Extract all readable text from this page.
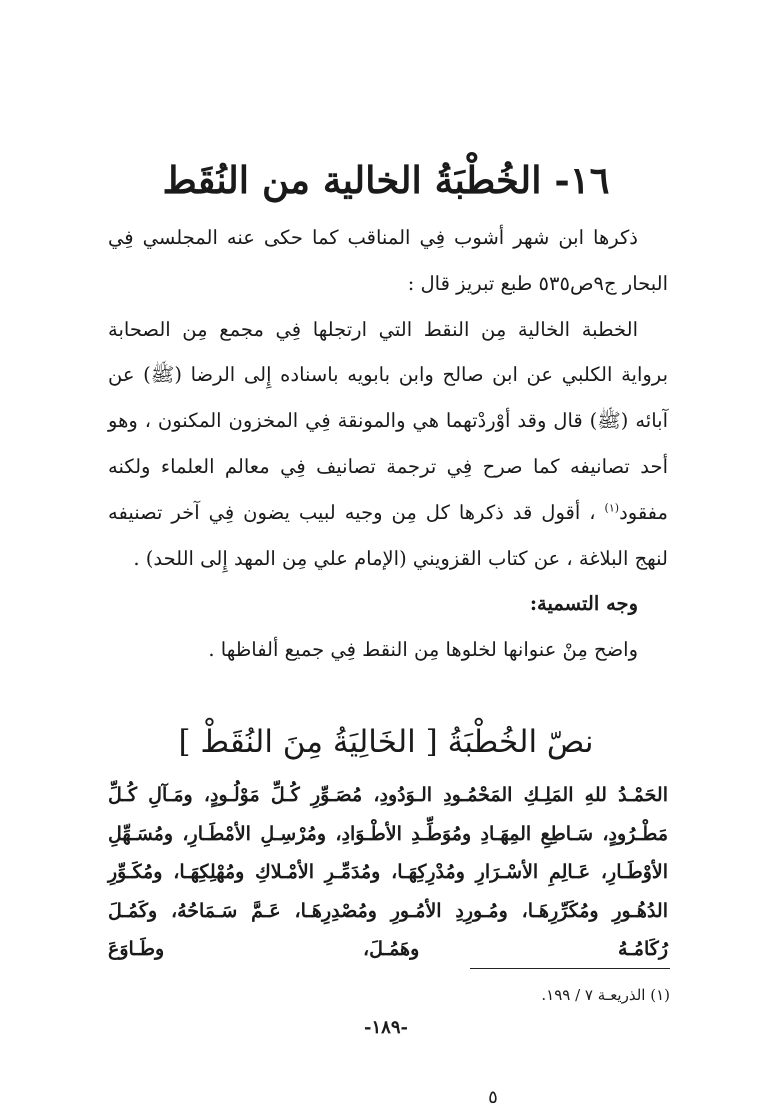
١٦- الخُطْبَةُ الخالية من النُقَط

ذكرها ابن شهر أشوب فِي المناقب كما حكى عنه المجلسي فِي البحار ج٩ص٥٣٥ طبع تبريز قال :

الخطبة الخالية مِن النقط التي ارتجلها فِي مجمع مِن الصحابة برواية الكلبي عن ابن صالح وابن بابويه باسناده إِلى الرضا (ﷺ) عن آبائه (ﷺ) قال وقد أوْردْتهما هي والمونقة فِي المخزون المكنون ، وهو أحد تصانيفه كما صرح فِي ترجمة تصانيف فِي معالم العلماء ولكنه مفقود$^{(١)}$ ، أقول قد ذكرها كل مِن وجيه لبيب يضون فِي آخر تصنيفه لنهج البلاغة ، عن كتاب القزويني (الإمام علي مِن المهد إِلى اللحد) .

وجه التسمية:

واضح مِنْ عنوانها لخلوها مِن النقط فِي جميع ألفاظها .

نصّ الخُطْبَةُ [ الخَالِيَةُ مِنَ النُقَطْ ]

الحَمْـدُ للهِ المَلِـكِ المَحْمُـودِ الـوَدُودِ، مُصَـوِّرِ كُـلِّ مَوْلُـودٍ، ومَـآلِ كُـلِّ مَطْـرُودٍ، سَـاطِعِ المِهَـادِ ومُوَطِّـدِ الأطْـوَادِ، ومُرْسِـلِ الأمْطَـارِ، ومُسَـهِّلِ الأوْطَـارِ، عَـالِمِ الأسْـرَارِ ومُدْرِكِهَـا، ومُدَمِّـرِ الأمْـلاكِ ومُهْلِكِهَـا، ومُكَـوِّرِ الدُهُـورِ ومُكَرِّرِهَـا، ومُـورِدِ الأمُـورِ ومُصْدِرِهَـا، عَـمَّ سَـمَاحُهُ، وكَمُـلَ رُكَامُـهُ وهَمُـلَ، وطَـاوَعَ

(١) الذريعـة ٧ / ١٩٩.
-١٨٩-
٥
